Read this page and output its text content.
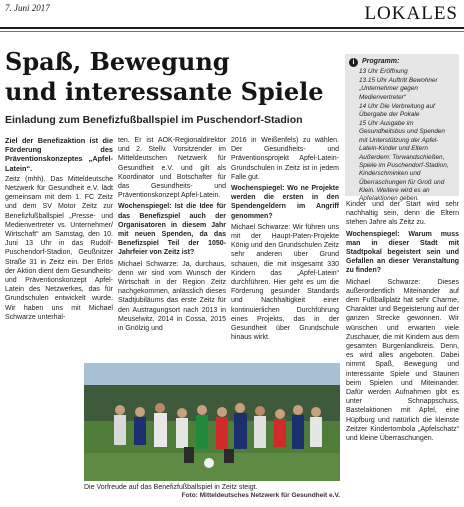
7. Juni 2017	LOKALES
Spaß, Bewegung
und interessante Spiele
Einladung zum Benefizfußballspiel im Puschendorf-Stadion

Ziel der Benefizaktion ist die Förderung des Präventionskonzeptes „Apfel-Latein“.

Zeitz (mhh). Das Mitteldeutsche Netzwerk für Gesundheit e.V. lädt gemeinsam mit dem 1. FC Zeitz und dem SV Motor Zeitz zur Benefizfußballspiel „Presse- und Medienvertreter vs. Unternehmer/ Wirtschaft“ am Samstag, den 10. Juni 13 Uhr in das Rudolf-Puschendorf-Stadion, Geußnitzer Straße 31 in Zeitz ein. Der Erlös der Aktion dient dem Gesundheits- und Präventionskonzept Apfel-Latein des Netzwerkes, das für Grundschulen entwickelt wurde. Wir haben uns mit Michael Schwarze unterhal-

ten. Er ist AOK-Regionaldirektor und 2. Stellv. Vorsitzender im Mitteldeutschen Netzwerk für Gesundheit e.V. und gilt als Koordinator und Botschafter für das Gesundheits- und Präventionskonzept Apfel-Latein.

Wochenspiegel: Ist die Idee für das Benefizspiel auch der Organisatoren in diesem Jahr mit neuen Spenden, da das Benefizspiel Teil der 1050-Jahrfeier von Zeitz ist?

Michael Schwarze: Ja, durchaus, denn wir sind vom Wunsch der Wirtschaft in der Region Zeitz nachgekommen, anlässlich dieses Stadtjubiläums das erste Zeitz für den Austragungsort nach 2013 in Meuselwitz, 2014 in Cossa, 2015 in Gnölzig und

2016 in Weißenfels) zu wählen. Der Gesundheits- und Präventionsprojekt Apfel-Latein-Grundschulen in Zeitz ist in jedem Falle gut.

Wochenspiegel: Wo ne Projekte werden die ersten in den Spendengeldern im Angriff genommen?

Michael Schwarze: Wir führen uns mit der Haupt-Paten-Projekte König und den Grundschulen Zeitz sehr anderen über Grund schauen, die mit insgesamt 330 Kindern das „Apfel-Latein“ durchführen. Hier geht es um die Förderung gesunder Standards und Nachhaltigkeit einer kontinuierlichen Durchführung eines Projekts, das in der Gesundheit über Grundschule hinaus wirkt.

i	Programm:
13 Uhr Eröffnung
13.15 Uhr Auftritt Bewohner „Unternehmer gegen Medienvertreter“
14 Uhr Die Verbreitung auf Übergabe der Pokale
15 Uhr Ausgabe im Gesundheitsbus und Spenden mit Unterstützung der Apfel-Latein-Kinder und Eltern
Außerdem: Torwandschießen, Spiele im Puschendorf-Stadion, Kinderschminken und Überraschungen für Groß und Klein. Weitere wird es an Apfelaktionen geben.

Kinder und der Start wird sehr nachhaltig sein, denn die Eltern stehen Jahre als Zeitz zu.

Wochenspiegel: Warum muss man in dieser Stadt mit Stadtpokal begeistert sein und Gefallen an dieser Veranstaltung zu finden?

Michael Schwarze: Dieses außerordentlich Miteinander auf dem Fußballplatz hat sehr Charme, Charakter und Begeisterung auf der ganzen Strecke gewonnen. Wir wünschen und erwarten viele Zuschauer, die mit Kindern aus dem gesamten Burgenlandkreis. Denn, es wird alles angeboten. Dabei nimmt Spaß, Bewegung und interessante Spiele und Staunen beim Spielen und Miteinander. Dafür werden Aufnahmen gibt es unter Schnappschuss, Bastelaktionen mit Apfel, eine Hüpfburg und natürlich die kleinste Zeitzer Kindertombola „Apfelschatz“ und kleine Überraschungen.

Die Vorfreude auf das Benefizfußballspiel in Zeitz steigt.
Foto: Mitteldeutsches Netzwerk für Gesundheit e.V.
